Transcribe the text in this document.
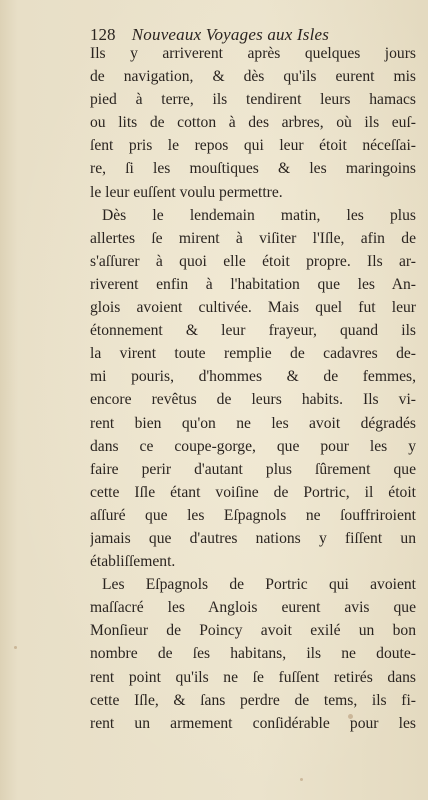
128 Nouveaux Voyages aux Isles
Ils y arriverent après quelques jours
de navigation, & dès qu'ils eurent mis
pied à terre, ils tendirent leurs hamacs
ou lits de cotton à des arbres, où ils euſ-
ſent pris le repos qui leur étoit néceſſai-
re, ſi les mouſtiques & les maringoins
le leur euſſent voulu permettre.
Dès le lendemain matin, les plus
allertes ſe mirent à viſiter l'Iſle, afin de
s'aſſurer à quoi elle étoit propre. Ils ar-
riverent enfin à l'habitation que les An-
glois avoient cultivée. Mais quel fut leur
étonnement & leur frayeur, quand ils
la virent toute remplie de cadavres de-
mi pouris, d'hommes & de femmes,
encore revêtus de leurs habits. Ils vi-
rent bien qu'on ne les avoit dégradés
dans ce coupe-gorge, que pour les y
faire perir d'autant plus ſûrement que
cette Iſle étant voiſine de Portric, il étoit
aſſuré que les Eſpagnols ne ſouffriroient
jamais que d'autres nations y fiſſent un
établiſſement.
Les Eſpagnols de Portric qui avoient
maſſacré les Anglois eurent avis que
Monſieur de Poincy avoit exilé un bon
nombre de ſes habitans, ils ne doute-
rent point qu'ils ne ſe fuſſent retirés dans
cette Iſle, & ſans perdre de tems, ils fi-
rent un armement conſidérable pour les
